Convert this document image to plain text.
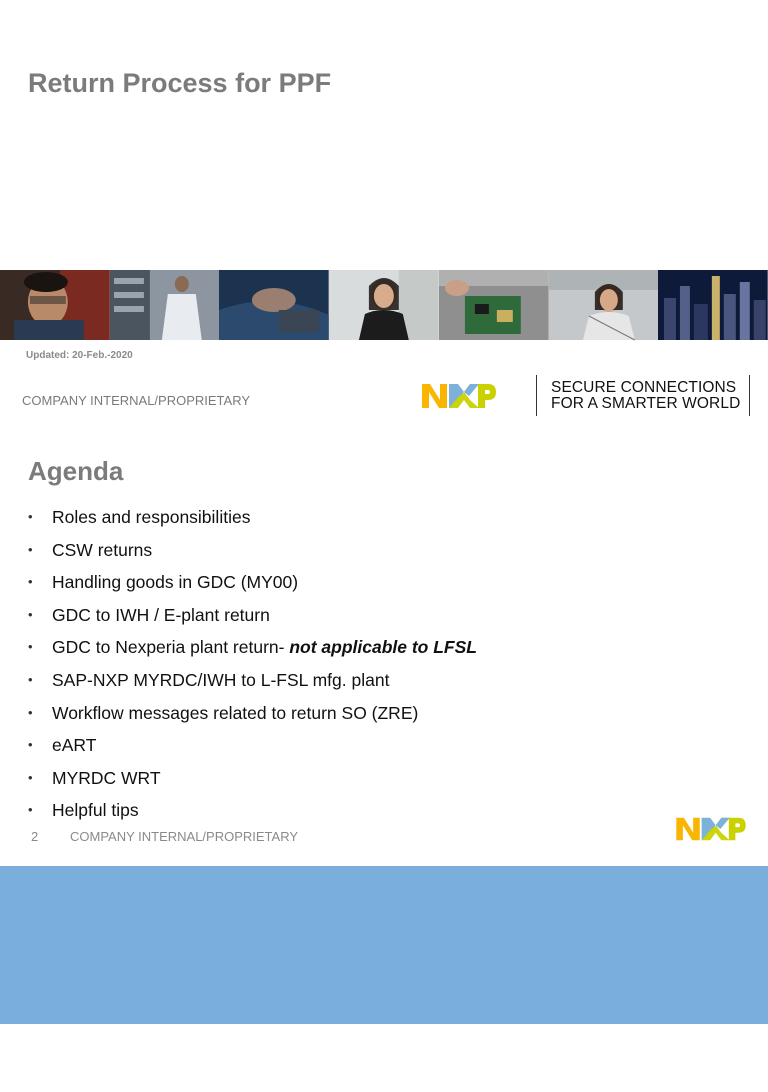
Return Process for PPF
Updated: 20-Feb.-2020
COMPANY INTERNAL/PROPRIETARY
SECURE CONNECTIONS
FOR A SMARTER WORLD
Agenda
• Roles and responsibilities
• CSW returns
• Handling goods in GDC (MY00)
• GDC to IWH / E-plant return
• GDC to Nexperia plant return- not applicable to LFSL
• SAP-NXP MYRDC/IWH to L-FSL mfg. plant
• Workflow messages related to return SO (ZRE)
• eART
• MYRDC WRT
• Helpful tips
2 COMPANY INTERNAL/PROPRIETARY
ROLES AND
